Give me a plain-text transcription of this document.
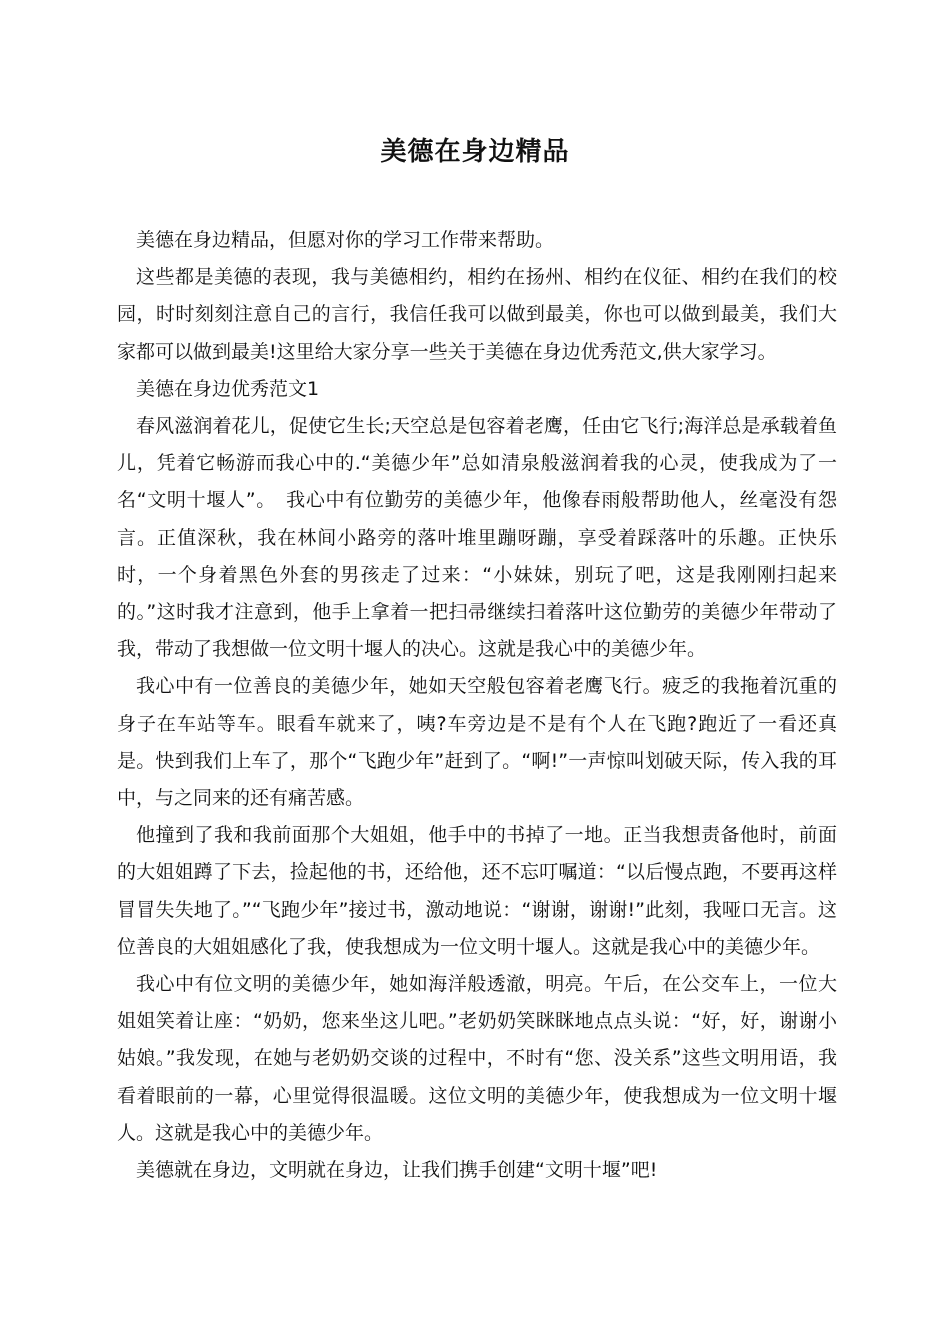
美德在身边精品

美德在身边精品，但愿对你的学习工作带来帮助。

这些都是美德的表现，我与美德相约，相约在扬州、相约在仪征、相约在我们的校园，时时刻刻注意自己的言行，我信任我可以做到最美，你也可以做到最美，我们大家都可以做到最美!这里给大家分享一些关于美德在身边优秀范文,供大家学习。

美德在身边优秀范文1

春风滋润着花儿，促使它生长;天空总是包容着老鹰，任由它飞行;海洋总是承载着鱼儿，凭着它畅游而我心中的.“美德少年”总如清泉般滋润着我的心灵，使我成为了一名“文明十堰人”。　我心中有位勤劳的美德少年，他像春雨般帮助他人，丝毫没有怨言。正值深秋，我在林间小路旁的落叶堆里蹦呀蹦，享受着踩落叶的乐趣。正快乐时，一个身着黑色外套的男孩走了过来：“小妹妹，别玩了吧，这是我刚刚扫起来的。”这时我才注意到，他手上拿着一把扫帚继续扫着落叶这位勤劳的美德少年带动了我，带动了我想做一位文明十堰人的决心。这就是我心中的美德少年。

我心中有一位善良的美德少年，她如天空般包容着老鹰飞行。疲乏的我拖着沉重的身子在车站等车。眼看车就来了，咦?车旁边是不是有个人在飞跑?跑近了一看还真是。快到我们上车了，那个“飞跑少年”赶到了。“啊!”一声惊叫划破天际，传入我的耳中，与之同来的还有痛苦感。

他撞到了我和我前面那个大姐姐，他手中的书掉了一地。正当我想责备他时，前面的大姐姐蹲了下去，捡起他的书，还给他，还不忘叮嘱道：“以后慢点跑，不要再这样冒冒失失地了。”“飞跑少年”接过书，激动地说：“谢谢，谢谢!”此刻，我哑口无言。这位善良的大姐姐感化了我，使我想成为一位文明十堰人。这就是我心中的美德少年。

我心中有位文明的美德少年，她如海洋般透澈，明亮。午后，在公交车上，一位大姐姐笑着让座：“奶奶，您来坐这儿吧。”老奶奶笑眯眯地点点头说：“好，好，谢谢小姑娘。”我发现，在她与老奶奶交谈的过程中，不时有“您、没关系”这些文明用语，我看着眼前的一幕，心里觉得很温暖。这位文明的美德少年，使我想成为一位文明十堰人。这就是我心中的美德少年。

美德就在身边，文明就在身边，让我们携手创建“文明十堰”吧!
